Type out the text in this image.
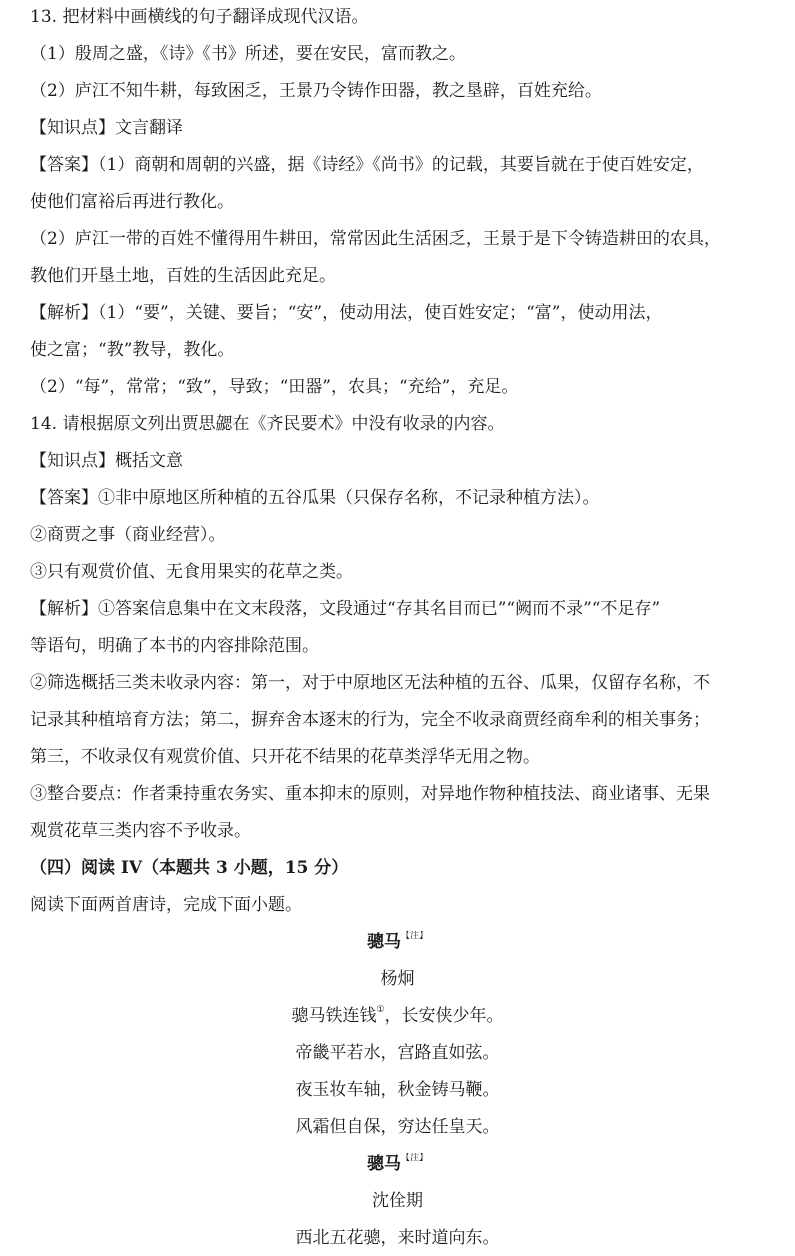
13. 把材料中画横线的句子翻译成现代汉语。
（1）殷周之盛，《诗》《书》所述，要在安民，富而教之。
（2）庐江不知牛耕，每致困乏，王景乃令铸作田器，教之垦辟，百姓充给。
【知识点】文言翻译
【答案】（1）商朝和周朝的兴盛，据《诗经》《尚书》的记载，其要旨就在于使百姓安定，
使他们富裕后再进行教化。
（2）庐江一带的百姓不懂得用牛耕田，常常因此生活困乏，王景于是下令铸造耕田的农具，
教他们开垦土地，百姓的生活因此充足。
【解析】（1）“要”，关键、要旨；“安”，使动用法，使百姓安定；“富”，使动用法，
使之富；“教”教导，教化。
（2）“每”，常常；“致”，导致；“田器”，农具；“充给”，充足。
14. 请根据原文列出贾思勰在《齐民要术》中没有收录的内容。
【知识点】概括文意
【答案】①非中原地区所种植的五谷瓜果（只保存名称，不记录种植方法）。
②商贾之事（商业经营）。
③只有观赏价值、无食用果实的花草之类。
【解析】①答案信息集中在文末段落，文段通过“存其名目而已”“阙而不录”“不足存”
等语句，明确了本书的内容排除范围。
②筛选概括三类未收录内容：第一，对于中原地区无法种植的五谷、瓜果，仅留存名称，不
记录其种植培育方法；第二，摒弃舍本逐末的行为，完全不收录商贾经商牟利的相关事务；
第三，不收录仅有观赏价值、只开花不结果的花草类浮华无用之物。
③整合要点：作者秉持重农务实、重本抑末的原则，对异地作物种植技法、商业诸事、无果
观赏花草三类内容不予收录。
（四）阅读 IV（本题共 3 小题，15 分）
阅读下面两首唐诗，完成下面小题。
骢马$^{【注】}$
杨炯
骢马铁连钱①，长安侠少年。
帝畿平若水，宫路直如弦。
夜玉妆车轴，秋金铸马鞭。
风霜但自保，穷达任皇天。
骢马$^{【注】}$
沈佺期
西北五花骢，来时道向东。
